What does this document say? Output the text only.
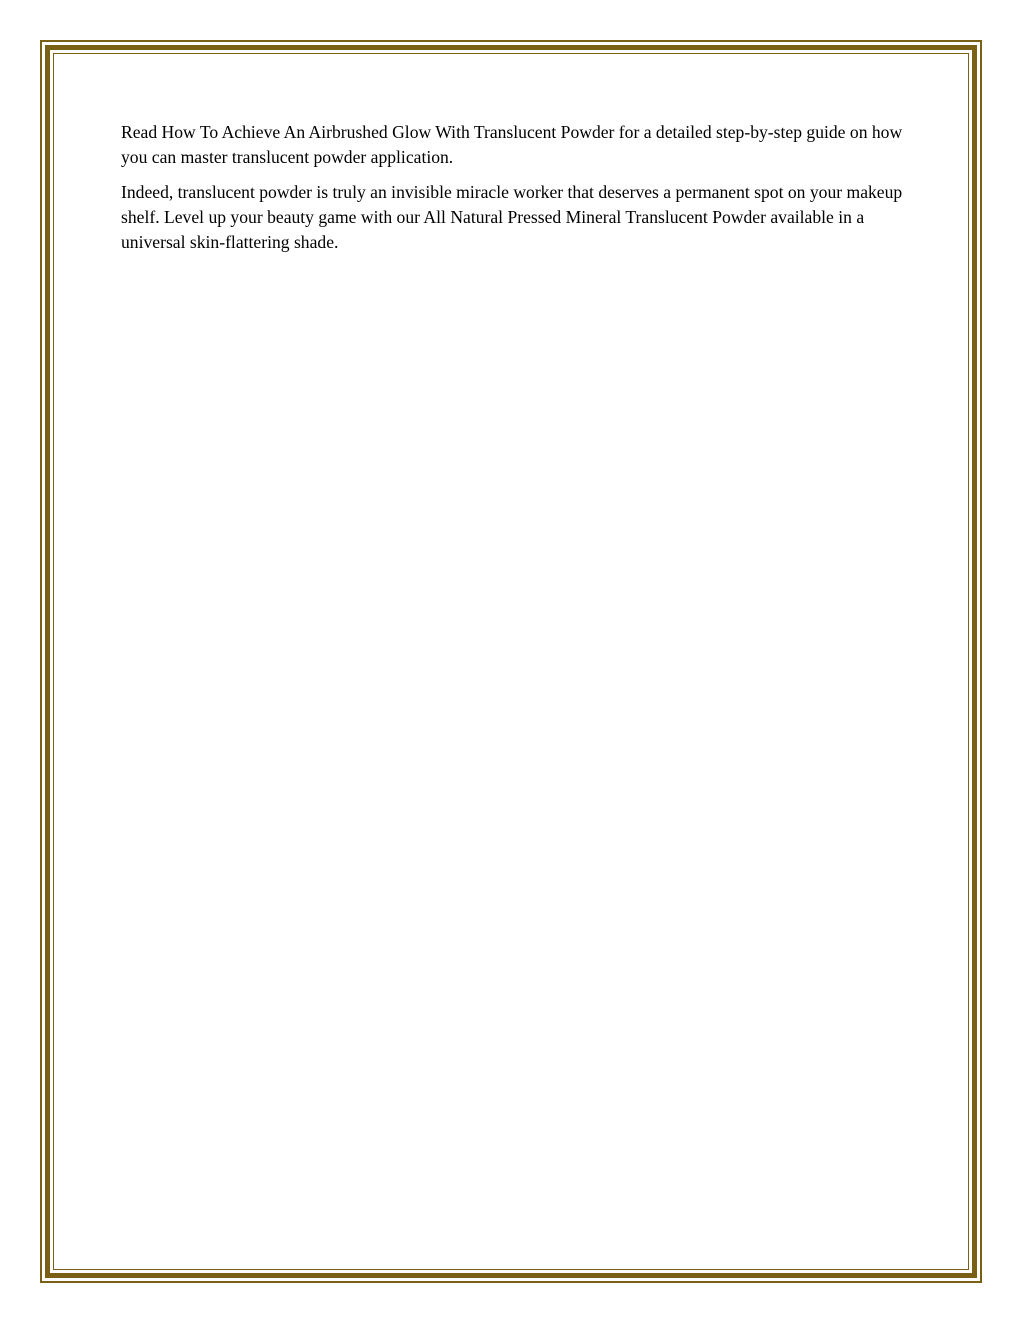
Read How To Achieve An Airbrushed Glow With Translucent Powder for a detailed step-by-step guide on how you can master translucent powder application.

Indeed, translucent powder is truly an invisible miracle worker that deserves a permanent spot on your makeup shelf. Level up your beauty game with our All Natural Pressed Mineral Translucent Powder available in a universal skin-flattering shade.
